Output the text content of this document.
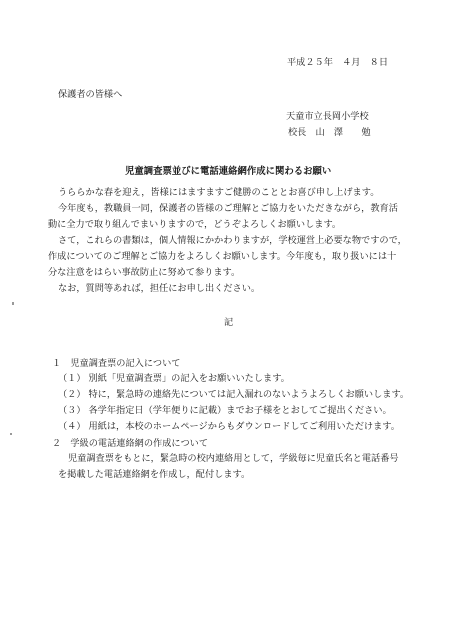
平成２５年　４月　８日
保護者の皆様へ
天童市立長岡小学校
校長　山　澤　　勉
児童調査票並びに電話連絡網作成に関わるお願い
うららかな春を迎え，皆様にはますますご健勝のこととお喜び申し上げます。
今年度も，教職員一同，保護者の皆様のご理解とご協力をいただきながら，教育活
動に全力で取り組んでまいりますので，どうぞよろしくお願いします。
さて，これらの書類は，個人情報にかかわりますが，学校運営上必要な物ですので，
作成についてのご理解とご協力をよろしくお願いします。今年度も，取り扱いには十
分な注意をはらい事故防止に努めて参ります。
なお，質問等あれば，担任にお申し出ください。
記
１　児童調査票の記入について
（１） 別紙「児童調査票」の記入をお願いいたします。
（２） 特に，緊急時の連絡先については記入漏れのないようよろしくお願いします。
（３） 各学年指定日（学年便りに記載）までお子様をとおしてご提出ください。
（４） 用紙は，本校のホームページからもダウンロードしてご利用いただけます。
２　学級の電話連絡網の作成について
児童調査票をもとに，緊急時の校内連絡用として，学級毎に児童氏名と電話番号
を掲載した電話連絡網を作成し，配付します。
